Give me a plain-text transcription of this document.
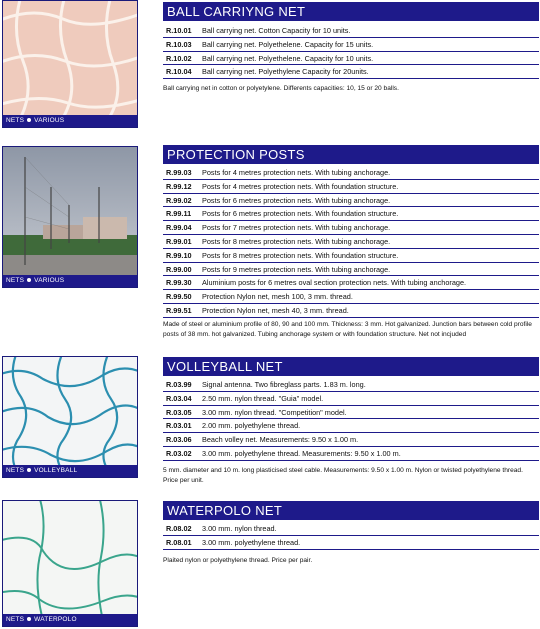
NETS VARIOUS
BALL CARRIYNG NET
R.10.01	Ball carrying net. Cotton Capacity for 10 units.
R.10.03	Ball carrying net. Polyethelene. Capacity for 15 units.
R.10.02	Ball carrying net. Polyethelene. Capacity for 10 units.
R.10.04	Ball carrying net. Polyethylene Capacity for 20units.
Ball carrying net in cotton or polyetylene. Differents capacities: 10, 15 or 20 balls.
NETS VARIOUS
PROTECTION POSTS
R.99.03	Posts for 4 metres protection nets. With tubing anchorage.
R.99.12	Posts for 4 metres protection nets. With foundation structure.
R.99.02	Posts for 6 metres protection nets. With tubing anchorage.
R.99.11	Posts for 6 metres protection nets. With foundation structure.
R.99.04	Posts for 7 metres protection nets. With tubing anchorage.
R.99.01	Posts for 8 metres protection nets. With tubing anchorage.
R.99.10	Posts for 8 metres protection nets. With foundation structure.
R.99.00	Posts for 9 metres protection nets. With tubing anchorage.
R.99.30	Aluminium posts for 6 metres oval section protection nets. With tubing anchorage.
R.99.50	Protection Nylon net, mesh 100, 3 mm. thread.
R.99.51	Protection Nylon net, mesh 40, 3 mm. thread.
Made of steel or aluminium profile of 80, 90 and 100 mm. Thickness: 3 mm. Hot galvanized. Junction bars between cold profile posts of 38 mm. hot galvanized. Tubing anchorage system or with foundation structure. Net not incjuded
NETS VOLLEYBALL
VOLLEYBALL NET
R.03.99	Signal antenna. Two fibreglass parts. 1.83 m. long.
R.03.04	2.50 mm. nylon thread. "Guia" model.
R.03.05	3.00 mm. nylon thread. "Competition" model.
R.03.01	2.00 mm. polyethylene thread.
R.03.06	Beach volley net. Measurements: 9.50 x 1.00 m.
R.03.02	3.00 mm. polyethylene thread. Measurements: 9.50 x 1.00 m.
5 mm. diameter and 10 m. long plasticised steel cable. Measurements: 9.50 x 1.00 m. Nylon or twisted polyethylene thread. Price per unit.
NETS WATERPOLO
WATERPOLO NET
R.08.02	3.00 mm. nylon thread.
R.08.01	3.00 mm. polyethylene thread.
Plaited nylon or polyethylene thread. Price per pair.
